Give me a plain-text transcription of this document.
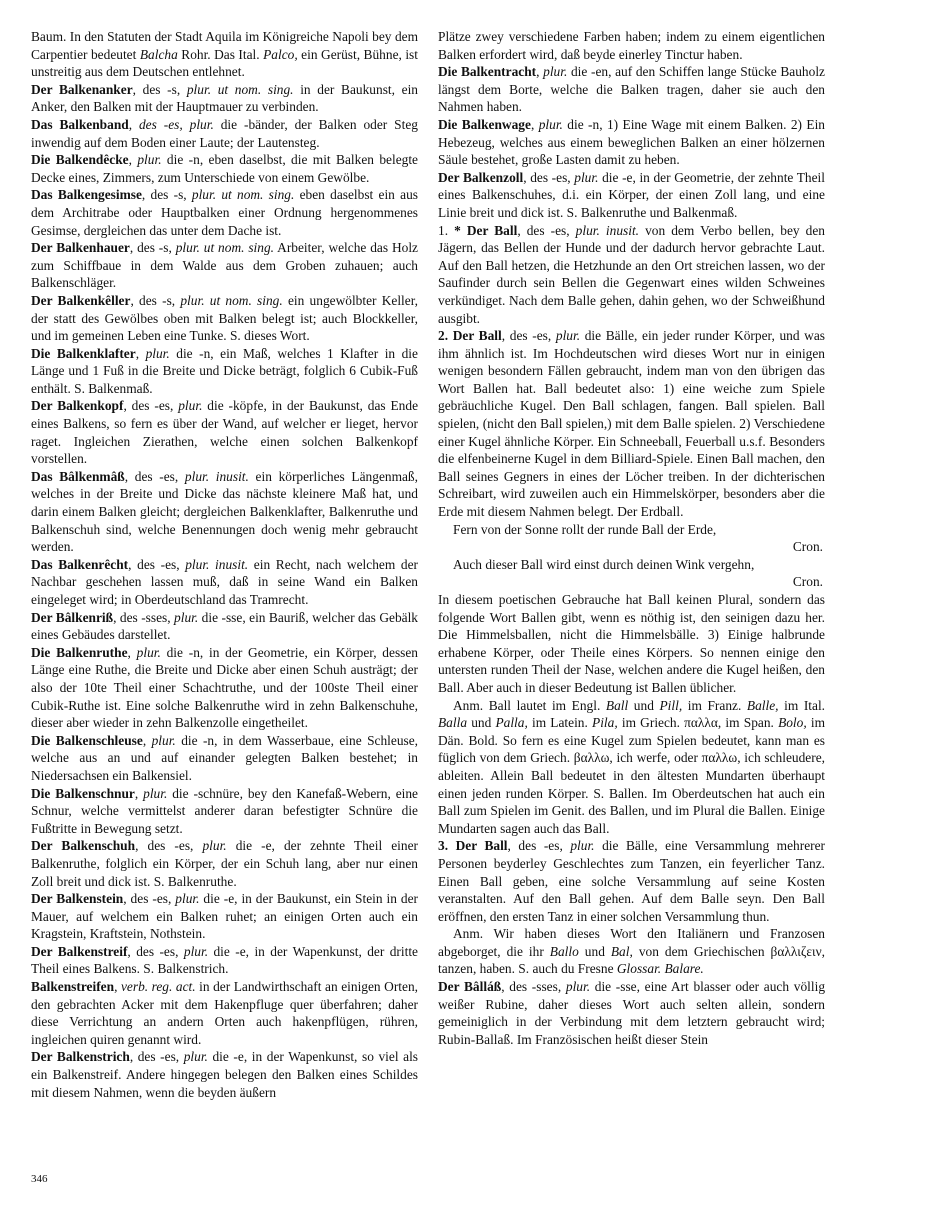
Baum. In den Statuten der Stadt Aquila im Königreiche Napoli bey dem Carpentier bedeutet Balcha Rohr. Das Ital. Palco, ein Gerüst, Bühne, ist unstreitig aus dem Deutschen entlehnet.

Der Balkenanker, des -s, plur. ut nom. sing. in der Baukunst, ein Anker, den Balken mit der Hauptmauer zu verbinden.

Das Balkenband, des -es, plur. die -bänder, der Balken oder Steg inwendig auf dem Boden einer Laute; der Lautensteg.

Die Balkendêcke, plur. die -n, eben daselbst, die mit Balken belegte Decke eines, Zimmers, zum Unterschiede von einem Gewölbe.

Das Balkengesimse, des -s, plur. ut nom. sing. eben daselbst ein aus dem Architrabe oder Hauptbalken einer Ordnung hergenommenes Gesimse, dergleichen das unter dem Dache ist.

Der Balkenhauer, des -s, plur. ut nom. sing. Arbeiter, welche das Holz zum Schiffbaue in dem Walde aus dem Groben zuhauen; auch Balkenschläger.

Der Balkenkêller, des -s, plur. ut nom. sing. ein ungewölbter Keller, der statt des Gewölbes oben mit Balken belegt ist; auch Blockkeller, und im gemeinen Leben eine Tunke. S. dieses Wort.

Die Balkenklafter, plur. die -n, ein Maß, welches 1 Klafter in die Länge und 1 Fuß in die Breite und Dicke beträgt, folglich 6 Cubik-Fuß enthält. S. Balkenmaß.

Der Balkenkopf, des -es, plur. die -köpfe, in der Baukunst, das Ende eines Balkens, so fern es über der Wand, auf welcher er lieget, hervor raget. Ingleichen Zierathen, welche einen solchen Balkenkopf vorstellen.

Das Bâlkenmâß, des -es, plur. inusit. ein körperliches Längenmaß, welches in der Breite und Dicke das nächste kleinere Maß hat, und darin einem Balken gleicht; dergleichen Balkenklafter, Balkenruthe und Balkenschuh sind, welche Benennungen doch wenig mehr gebraucht werden.

Das Balkenrêcht, des -es, plur. inusit. ein Recht, nach welchem der Nachbar geschehen lassen muß, daß in seine Wand ein Balken eingeleget wird; in Oberdeutschland das Tramrecht.

Der Bâlkenriß, des -sses, plur. die -sse, ein Bauriß, welcher das Gebälk eines Gebäudes darstellet.

Die Balkenruthe, plur. die -n, in der Geometrie, ein Körper, dessen Länge eine Ruthe, die Breite und Dicke aber einen Schuh austrägt; der also der 10te Theil einer Schachtruthe, und der 100ste Theil einer Cubik-Ruthe ist. Eine solche Balkenruthe wird in zehn Balkenschuhe, dieser aber wieder in zehn Balkenzolle eingetheilet.

Die Balkenschleuse, plur. die -n, in dem Wasserbaue, eine Schleuse, welche aus an und auf einander gelegten Balken bestehet; in Niedersachsen ein Balkensiel.

Die Balkenschnur, plur. die -schnüre, bey den Kanefaß-Webern, eine Schnur, welche vermittelst anderer daran befestigter Schnüre die Fußtritte in Bewegung setzt.

Der Balkenschuh, des -es, plur. die -e, der zehnte Theil einer Balkenruthe, folglich ein Körper, der ein Schuh lang, aber nur einen Zoll breit und dick ist. S. Balkenruthe.

Der Balkenstein, des -es, plur. die -e, in der Baukunst, ein Stein in der Mauer, auf welchem ein Balken ruhet; an einigen Orten auch ein Kragstein, Kraftstein, Nothstein.

Der Balkenstreif, des -es, plur. die -e, in der Wapenkunst, der dritte Theil eines Balkens. S. Balkenstrich.

Balkenstreifen, verb. reg. act. in der Landwirthschaft an einigen Orten, den gebrachten Acker mit dem Hakenpfluge quer überfahren; daher diese Verrichtung an andern Orten auch hakenpflügen, rühren, ingleichen quiren genannt wird.

Der Balkenstrich, des -es, plur. die -e, in der Wapenkunst, so viel als ein Balkenstreif. Andere hingegen belegen den Balken eines Schildes mit diesem Nahmen, wenn die beyden äußern

Plätze zwey verschiedene Farben haben; indem zu einem eigentlichen Balken erfordert wird, daß beyde einerley Tinctur haben.

Die Balkentracht, plur. die -en, auf den Schiffen lange Stücke Bauholz längst dem Borte, welche die Balken tragen, daher sie auch den Nahmen haben.

Die Balkenwage, plur. die -n, 1) Eine Wage mit einem Balken. 2) Ein Hebezeug, welches aus einem beweglichen Balken an einer hölzernen Säule bestehet, große Lasten damit zu heben.

Der Balkenzoll, des -es, plur. die -e, in der Geometrie, der zehnte Theil eines Balkenschuhes, d.i. ein Körper, der einen Zoll lang, und eine Linie breit und dick ist. S. Balkenruthe und Balkenmaß.

1. * Der Ball, des -es, plur. inusit. von dem Verbo bellen, bey den Jägern, das Bellen der Hunde und der dadurch hervor gebrachte Laut. Auf den Ball hetzen, die Hetzhunde an den Ort streichen lassen, wo der Saufinder durch sein Bellen die Gegenwart eines wilden Schweines verkündiget. Nach dem Balle gehen, dahin gehen, wo der Schweißhund ausgibt.

2. Der Ball, des -es, plur. die Bälle, ein jeder runder Körper, und was ihm ähnlich ist. Im Hochdeutschen wird dieses Wort nur in einigen wenigen besondern Fällen gebraucht, indem man von den übrigen das Wort Ballen hat. Ball bedeutet also: 1) eine weiche zum Spiele gebräuchliche Kugel. Den Ball schlagen, fangen. Ball spielen. Ball spielen, (nicht den Ball spielen,) mit dem Balle spielen. 2) Verschiedene einer Kugel ähnliche Körper. Ein Schneeball, Feuerball u.s.f. Besonders die elfenbeinerne Kugel in dem Billiard-Spiele. Einen Ball machen, den Ball seines Gegners in eines der Löcher treiben. In der dichterischen Schreibart, wird zuweilen auch ein Himmelskörper, besonders aber die Erde mit diesem Nahmen belegt. Der Erdball.

Fern von der Sonne rollt der runde Ball der Erde,

Cron.

Auch dieser Ball wird einst durch deinen Wink vergehn,

Cron.

In diesem poetischen Gebrauche hat Ball keinen Plural, sondern das folgende Wort Ballen gibt, wenn es nöthig ist, den seinigen dazu her. Die Himmelsballen, nicht die Himmelsbälle. 3) Einige halbrunde erhabene Körper, oder Theile eines Körpers. So nennen einige den untersten runden Theil der Nase, welchen andere die Kugel heißen, den Ball. Aber auch in dieser Bedeutung ist Ballen üblicher.

Anm. Ball lautet im Engl. Ball und Pill, im Franz. Balle, im Ital. Balla und Palla, im Latein. Pila, im Griech. παλλα, im Span. Bolo, im Dän. Bold. So fern es eine Kugel zum Spielen bedeutet, kann man es füglich von dem Griech. βαλλω, ich werfe, oder παλλω, ich schleudere, ableiten. Allein Ball bedeutet in den ältesten Mundarten überhaupt einen jeden runden Körper. S. Ballen. Im Oberdeutschen hat auch ein Ball zum Spielen im Genit. des Ballen, und im Plural die Ballen. Einige Mundarten sagen auch das Ball.

3. Der Ball, des -es, plur. die Bälle, eine Versammlung mehrerer Personen beyderley Geschlechtes zum Tanzen, ein feyerlicher Tanz. Einen Ball geben, eine solche Versammlung auf seine Kosten veranstalten. Auf den Ball gehen. Auf dem Balle seyn. Den Ball eröffnen, den ersten Tanz in einer solchen Versammlung thun.

Anm. Wir haben dieses Wort den Italiänern und Franzosen abgeborget, die ihr Ballo und Bal, von dem Griechischen βαλλιζειν, tanzen, haben. S. auch du Fresne Glossar. Balare.

Der Bâlláß, des -sses, plur. die -sse, eine Art blasser oder auch völlig weißer Rubine, daher dieses Wort auch selten allein, sondern gemeiniglich in der Verbindung mit dem letztern gebraucht wird; Rubin-Ballaß. Im Französischen heißt dieser Stein

346
